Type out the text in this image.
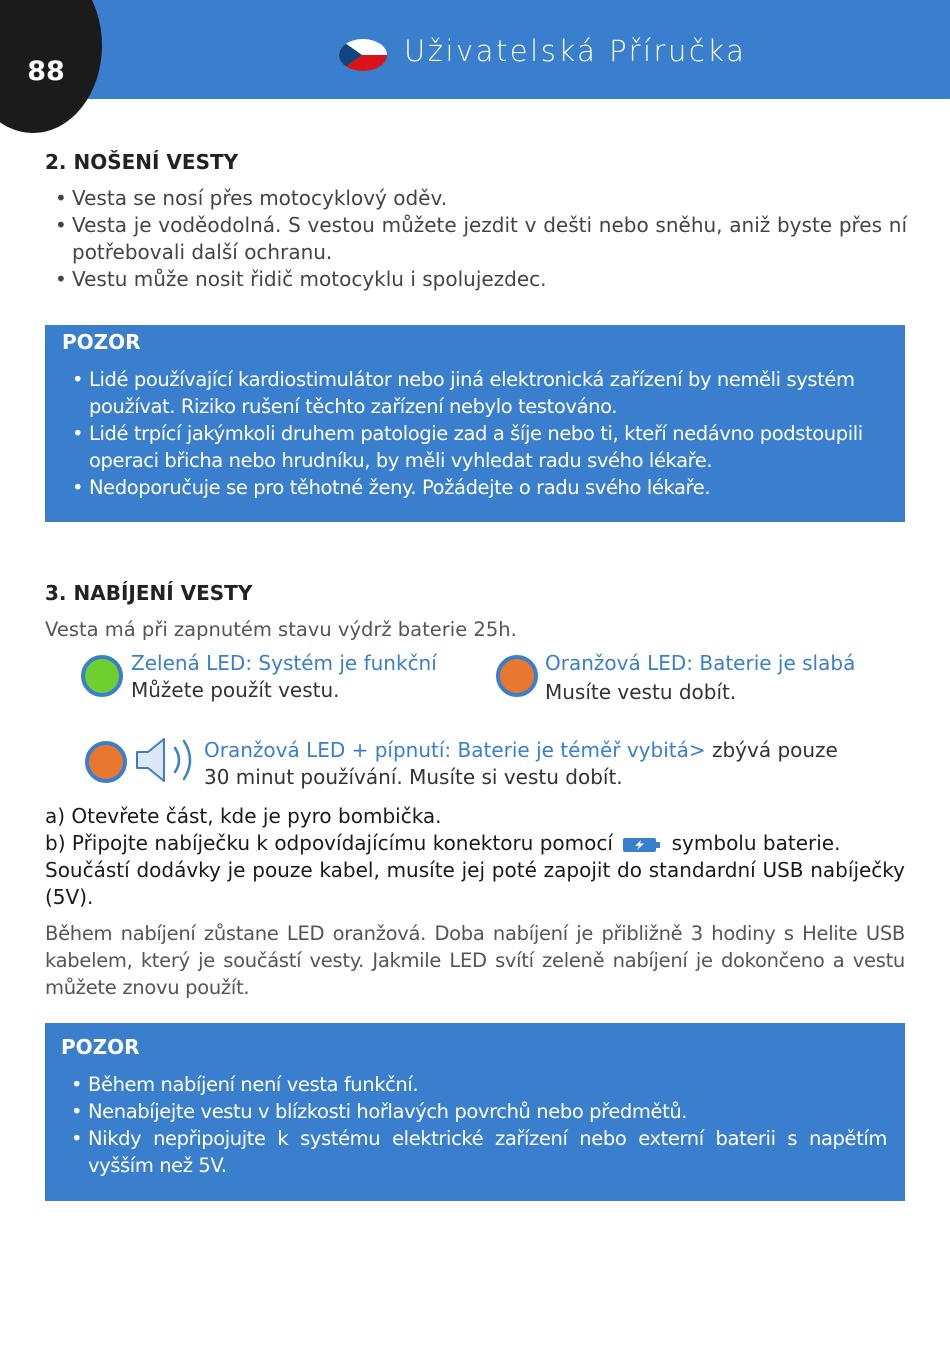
88
Uživatelská Příručka
2. NOŠENÍ VESTY
• Vesta se nosí přes motocyklový oděv.
• Vesta je voděodolná. S vestou můžete jezdit v dešti nebo sněhu, aniž byste přes ní potřebovali další ochranu.
• Vestu může nosit řidič motocyklu i spolujezdec.
POZOR
• Lidé používající kardiostimulátor nebo jiná elektronická zařízení by neměli systém používat. Riziko rušení těchto zařízení nebylo testováno.
• Lidé trpící jakýmkoli druhem patologie zad a šíje nebo ti, kteří nedávno podstoupili operaci břicha nebo hrudníku, by měli vyhledat radu svého lékaře.
• Nedoporučuje se pro těhotné ženy. Požádejte o radu svého lékaře.
3. NABÍJENÍ VESTY
Vesta má při zapnutém stavu výdrž baterie 25h.
Zelená LED: Systém je funkční
Můžete použít vestu.
Oranžová LED: Baterie je slabá
Musíte vestu dobít.
Oranžová LED + pípnutí: Baterie je téměř vybitá> zbývá pouze
30 minut používání. Musíte si vestu dobít.
a) Otevřete část, kde je pyro bombička.
b) Připojte nabíječku k odpovídajícímu konektoru pomocí	symbolu baterie.
Součástí dodávky je pouze kabel, musíte jej poté zapojit do standardní USB nabíječky (5V).
Během nabíjení zůstane LED oranžová. Doba nabíjení je přibližně 3 hodiny s Helite USB kabelem, který je součástí vesty. Jakmile LED svítí zeleně nabíjení je dokončeno a vestu můžete znovu použít.
POZOR
• Během nabíjení není vesta funkční.
• Nenabíjejte vestu v blízkosti hořlavých povrchů nebo předmětů.
• Nikdy nepřipojujte k systému elektrické zařízení nebo externí baterii s napětím vyšším než 5V.
